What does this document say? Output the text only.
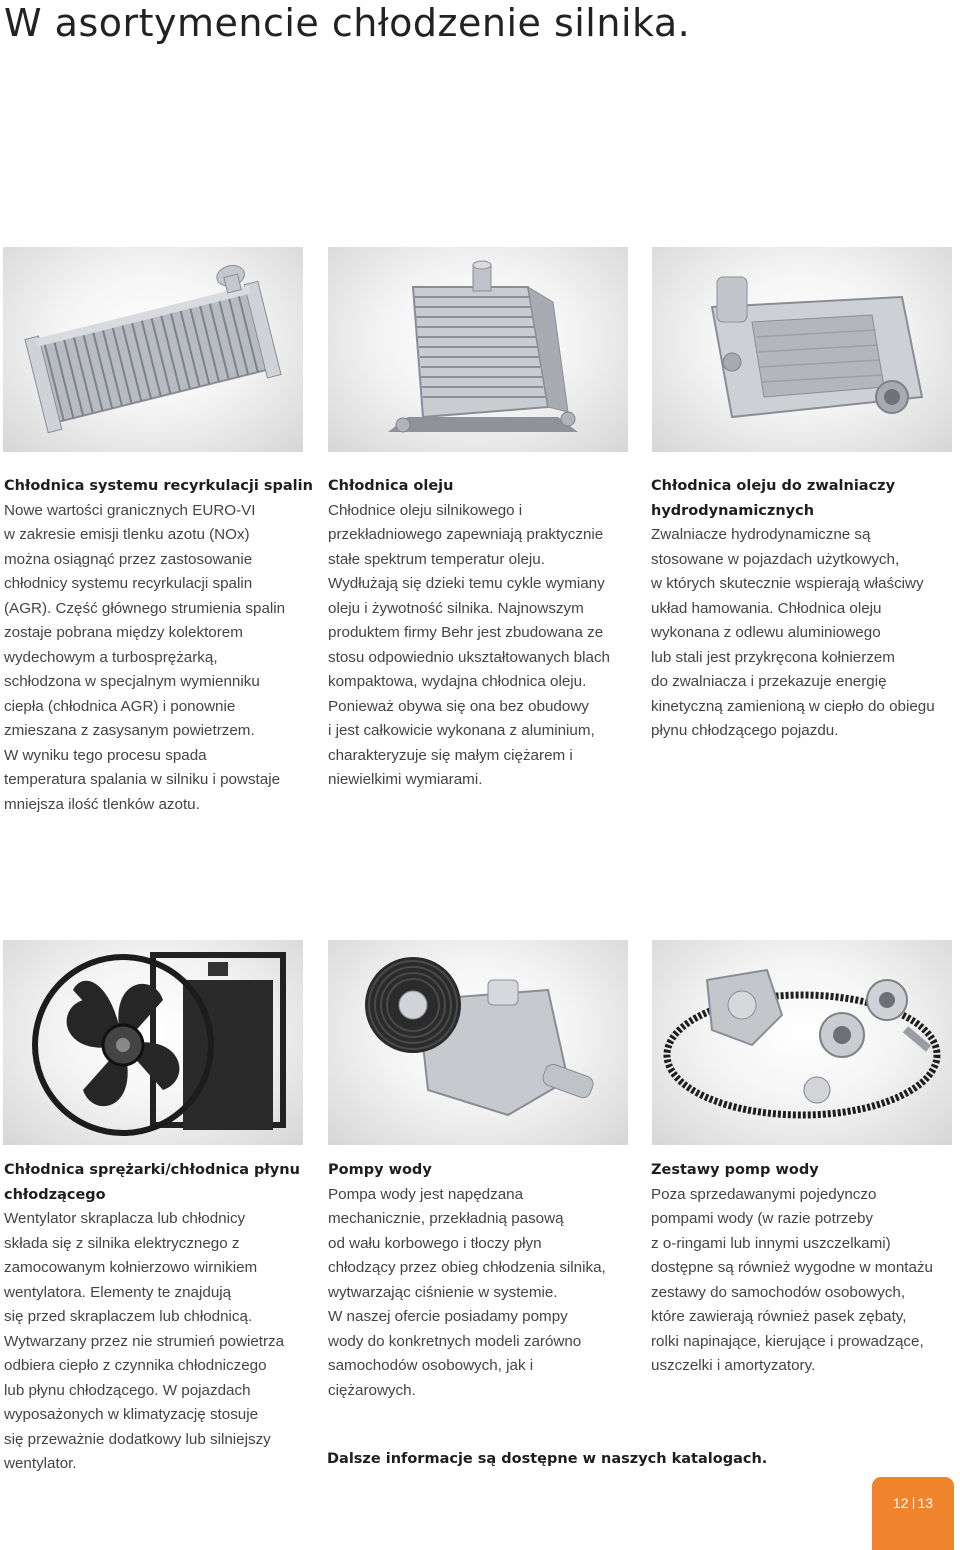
W asortymencie chłodzenie silnika.
Chłodnica systemu recyrkulacji spalin

Nowe wartości granicznych EURO-VI
w zakresie emisji tlenku azotu (NOx)
można osiągnąć przez zastosowanie
chłodnicy systemu recyrkulacji spalin
(AGR). Część głównego strumienia spalin
zostaje pobrana między kolektorem
wydechowym a turbosprężarką,
schłodzona w specjalnym wymienniku
ciepła (chłodnica AGR) i ponownie
zmieszana z zasysanym powietrzem.
W wyniku tego procesu spada
temperatura spalania w silniku i powstaje
mniejsza ilość tlenków azotu.

Chłodnica oleju

Chłodnice oleju silnikowego i
przekładniowego zapewniają praktycznie
stałe spektrum temperatur oleju.
Wydłużają się dzieki temu cykle wymiany
oleju i żywotność silnika. Najnowszym
produktem firmy Behr jest zbudowana ze
stosu odpowiednio ukształtowanych blach
kompaktowa, wydajna chłodnica oleju.
Ponieważ obywa się ona bez obudowy
i jest całkowicie wykonana z aluminium,
charakteryzuje się małym ciężarem i
niewielkimi wymiarami.

Chłodnica oleju do zwalniaczy hydrodynamicznych

Zwalniacze hydrodynamiczne są
stosowane w pojazdach użytkowych,
w których skutecznie wspierają właściwy
układ hamowania. Chłodnica oleju
wykonana z odlewu aluminiowego
lub stali jest przykręcona kołnierzem
do zwalniacza i przekazuje energię
kinetyczną zamienioną w ciepło do obiegu
płynu chłodzącego pojazdu.

Chłodnica sprężarki/chłodnica płynu chłodzącego

Wentylator skraplacza lub chłodnicy
składa się z silnika elektrycznego z
zamocowanym kołnierzowo wirnikiem
wentylatora. Elementy te znajdują
się przed skraplaczem lub chłodnicą.
Wytwarzany przez nie strumień powietrza
odbiera ciepło z czynnika chłodniczego
lub płynu chłodzącego. W pojazdach
wyposażonych w klimatyzację stosuje
się przeważnie dodatkowy lub silniejszy
wentylator.

Pompy wody

Pompa wody jest napędzana
mechanicznie, przekładnią pasową
od wału korbowego i tłoczy płyn
chłodzący przez obieg chłodzenia silnika,
wytwarzając ciśnienie w systemie.
W naszej ofercie posiadamy pompy
wody do konkretnych modeli zarówno
samochodów osobowych, jak i
ciężarowych.

Zestawy pomp wody

Poza sprzedawanymi pojedynczo
pompami wody (w razie potrzeby
z o-ringami lub innymi uszczelkami)
dostępne są również wygodne w montażu
zestawy do samochodów osobowych,
które zawierają również pasek zębaty,
rolki napinające, kierujące i prowadzące,
uszczelki i amortyzatory.

Dalsze informacje są dostępne w naszych katalogach.
12 13
